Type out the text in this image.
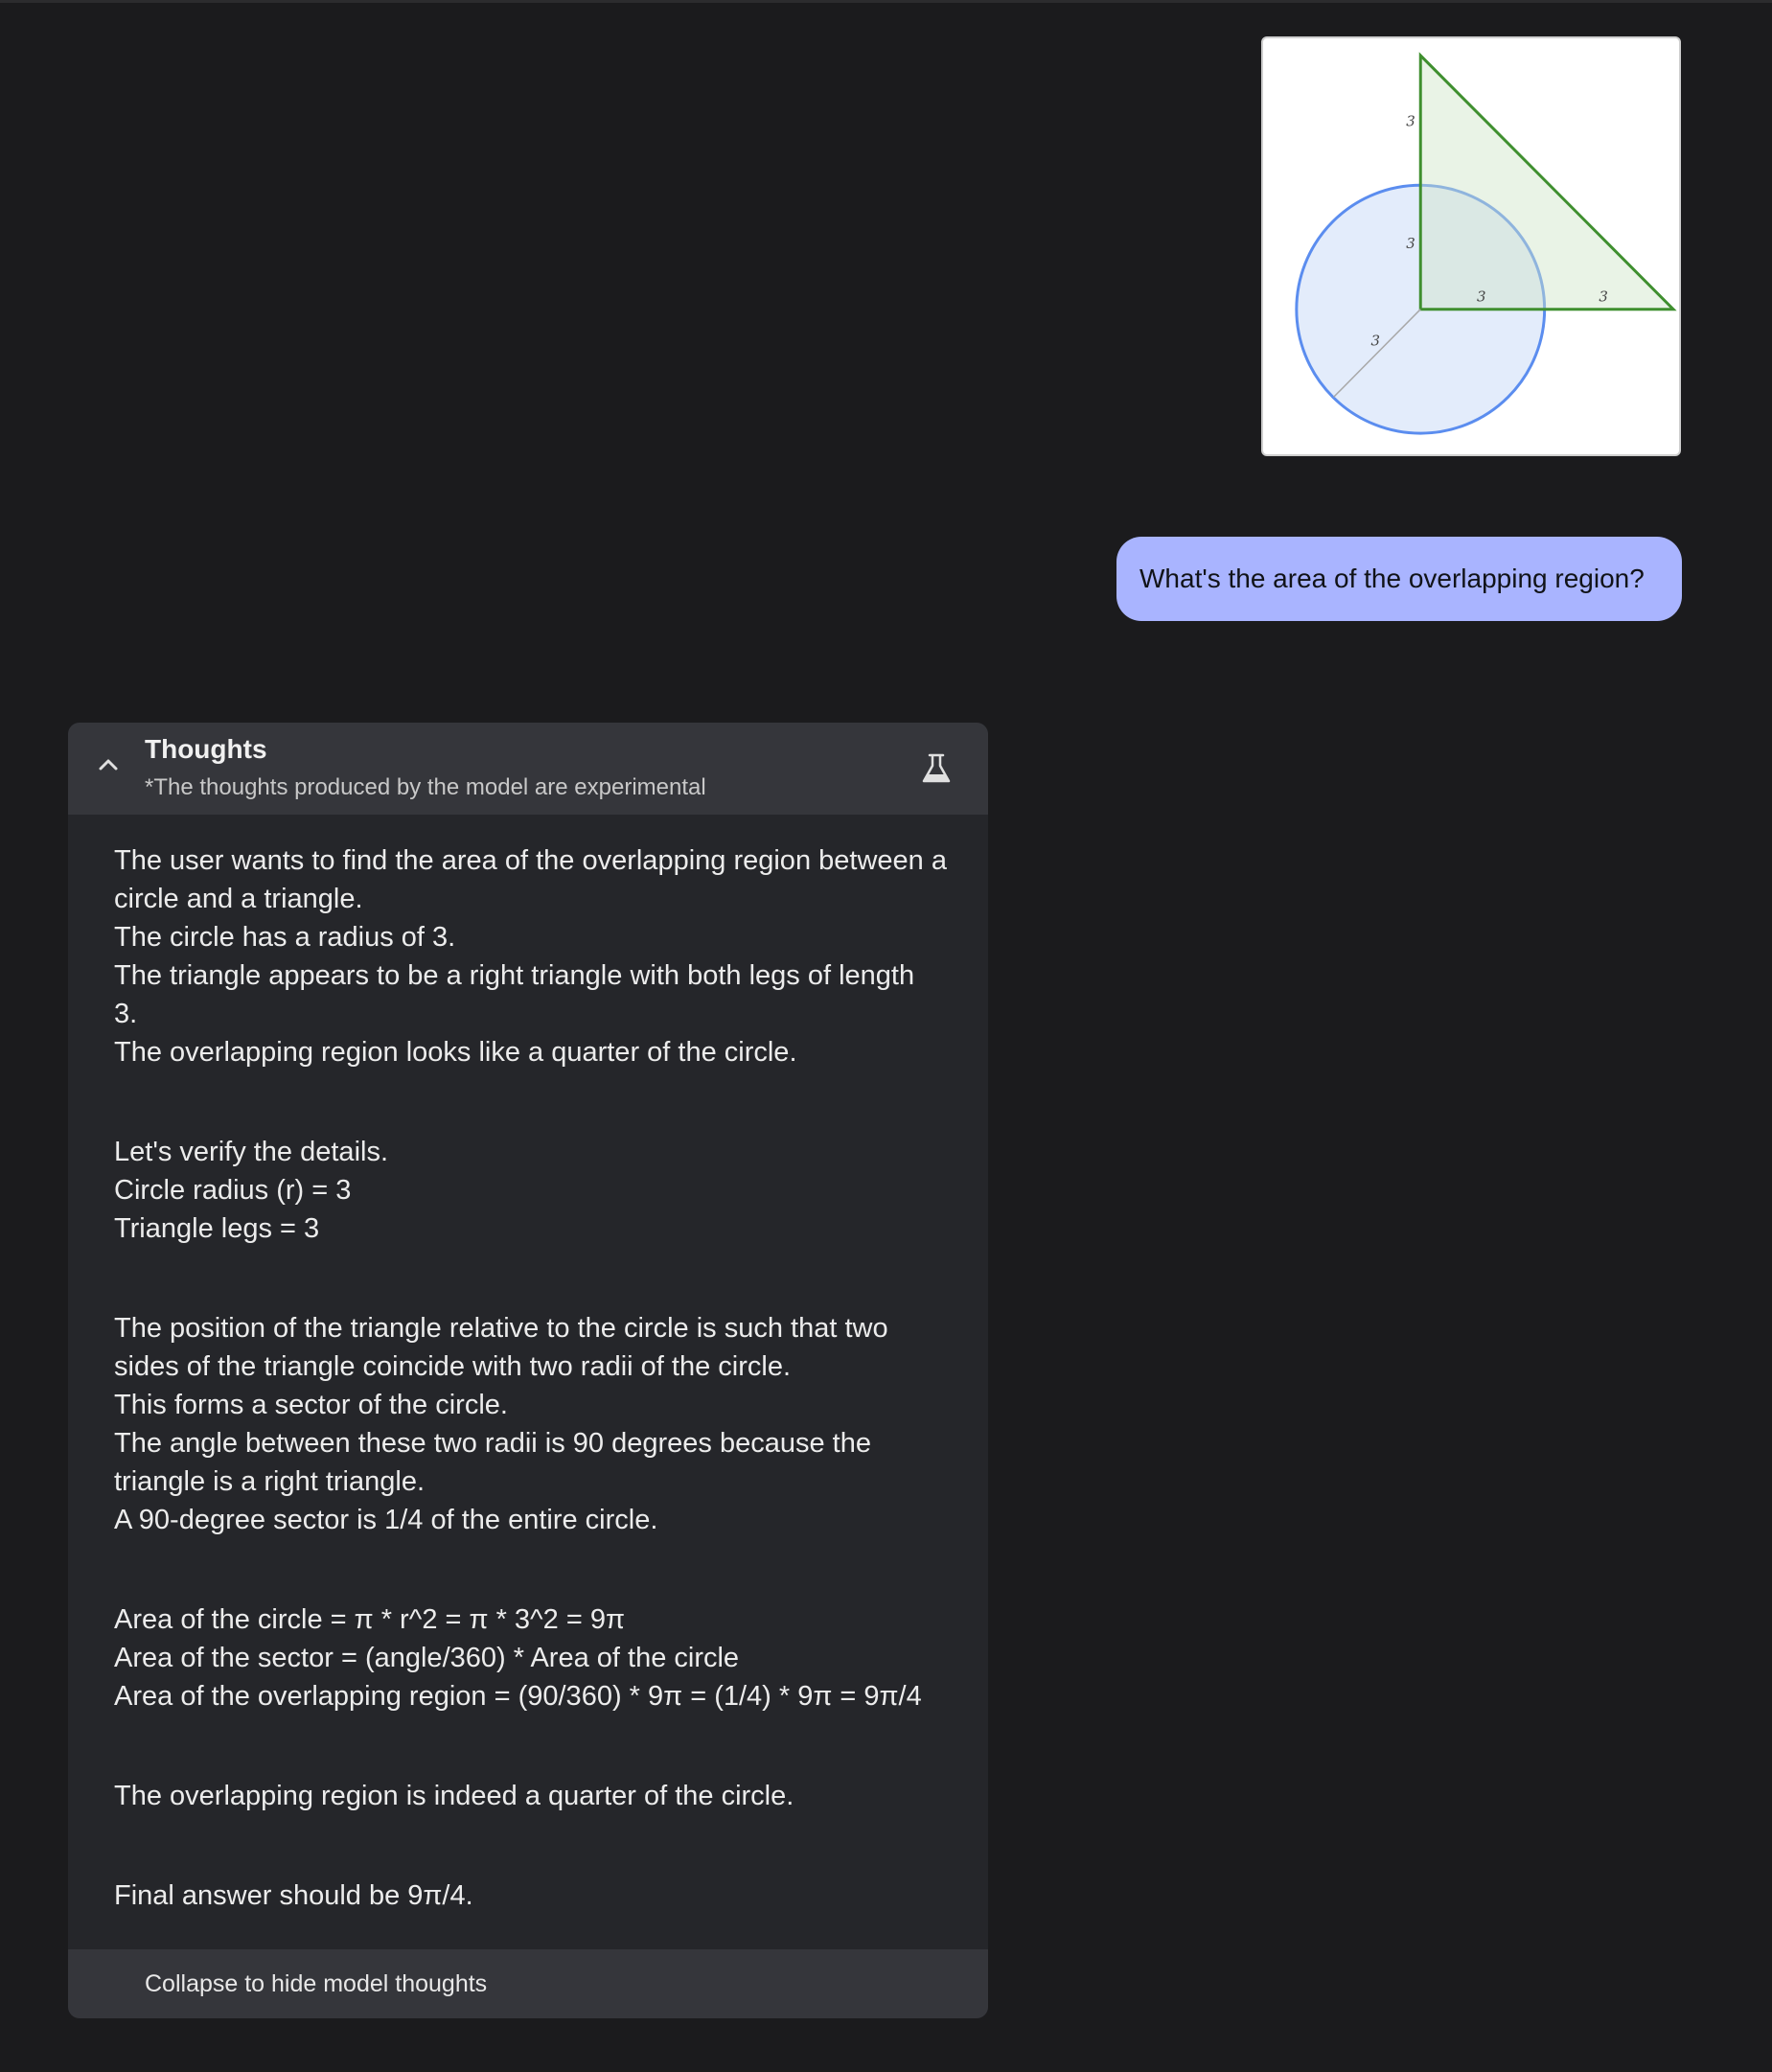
3
3
3	3
3
What's the area of the overlapping region?
Thoughts
*The thoughts produced by the model are experimental

The user wants to find the area of the overlapping region between a
circle and a triangle.
The circle has a radius of 3.
The triangle appears to be a right triangle with both legs of length
3.
The overlapping region looks like a quarter of the circle.

Let's verify the details.
Circle radius (r) = 3
Triangle legs = 3

The position of the triangle relative to the circle is such that two
sides of the triangle coincide with two radii of the circle.
This forms a sector of the circle.
The angle between these two radii is 90 degrees because the
triangle is a right triangle.
A 90-degree sector is 1/4 of the entire circle.

Area of the circle = π * r^2 = π * 3^2 = 9π
Area of the sector = (angle/360) * Area of the circle
Area of the overlapping region = (90/360) * 9π = (1/4) * 9π = 9π/4

The overlapping region is indeed a quarter of the circle.

Final answer should be 9π/4.

Collapse to hide model thoughts
